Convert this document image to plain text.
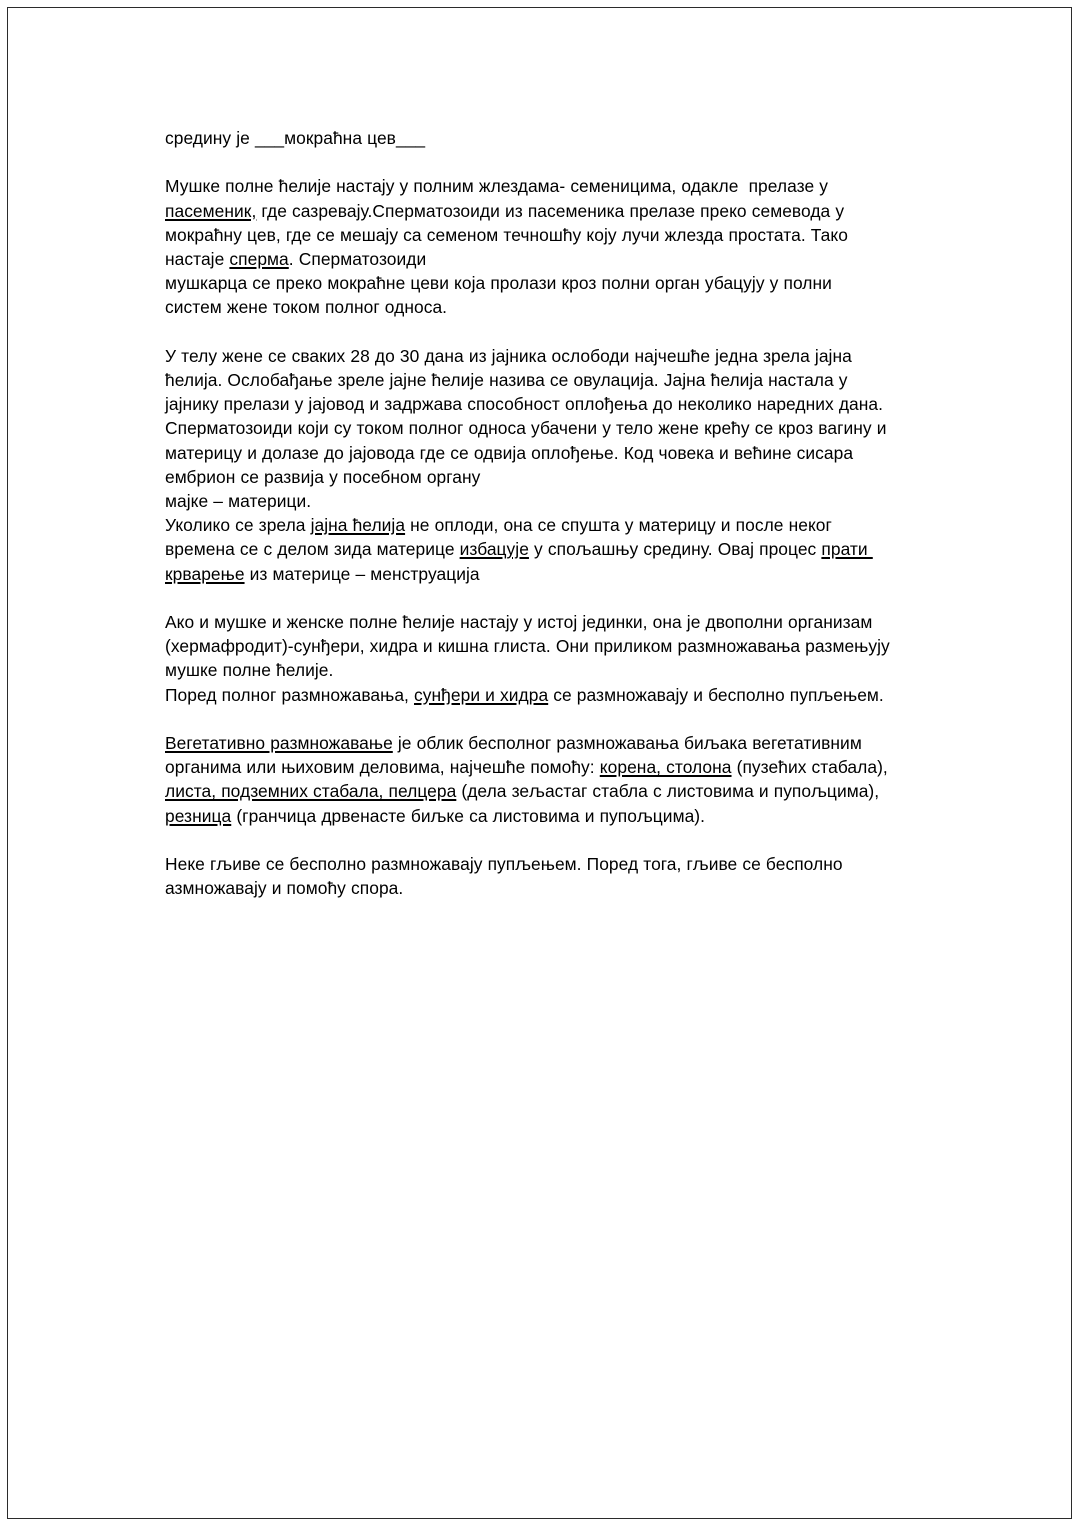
средину је ___мокраћна цев___

Мушке полне ћелије настају у полним жлездама- семеницима, одакле  прелазе у
пасеменик, где сазревају.Сперматозоиди из пасеменика прелазе преко семевода у
мокраћну цев, где се мешају са семеном течношћу коју лучи жлезда простата. Тако
настаје сперма. Сперматозоиди
мушкарца се преко мокраћне цеви која пролази кроз полни орган убацују у полни
систем жене током полног односа.

У телу жене се сваких 28 до 30 дана из јајника ослободи најчешће једна зрела јајна
ћелија. Ослобађање зреле јајне ћелије назива се овулација. Јајна ћелија настала у
јајнику прелази у јајовод и задржава способност оплођења до неколико наредних дана.
Сперматозоиди који су током полног односа убачени у тело жене крећу се кроз вагину и
материцу и долазе до јајовода где се одвија оплођење. Код човека и већине сисара
ембрион се развија у посебном органу
мајке – материци.
Уколико се зрела јајна ћелија не оплоди, она се спушта у материцу и после неког
времена се с делом зида материце избацује у спољашњу средину. Овај процес прати
крварење из материце – менструација

Ако и мушке и женске полне ћелије настају у истој јединки, она је двополни организам
(хермафродит)-сунђери, хидра и кишна глиста. Они приликом размножавања размењују
мушке полне ћелије.
Поред полног размножавања, сунђери и хидра се размножавају и бесполно пупљењем.

Вегетативно размножавање је облик бесполног размножавања биљака вегетативним
органима или њиховим деловима, најчешће помоћу: корена, столона (пузећих стабала),
листа, подземних стабала, пелцера (дела зељастаг стабла с листовима и пупољцима),
резница (гранчица дрвенасте биљке са листовима и пупољцима).

Неке гљиве се бесполно размножавају пупљењем. Поред тога, гљиве се бесполно
азмножавају и помоћу спора.
